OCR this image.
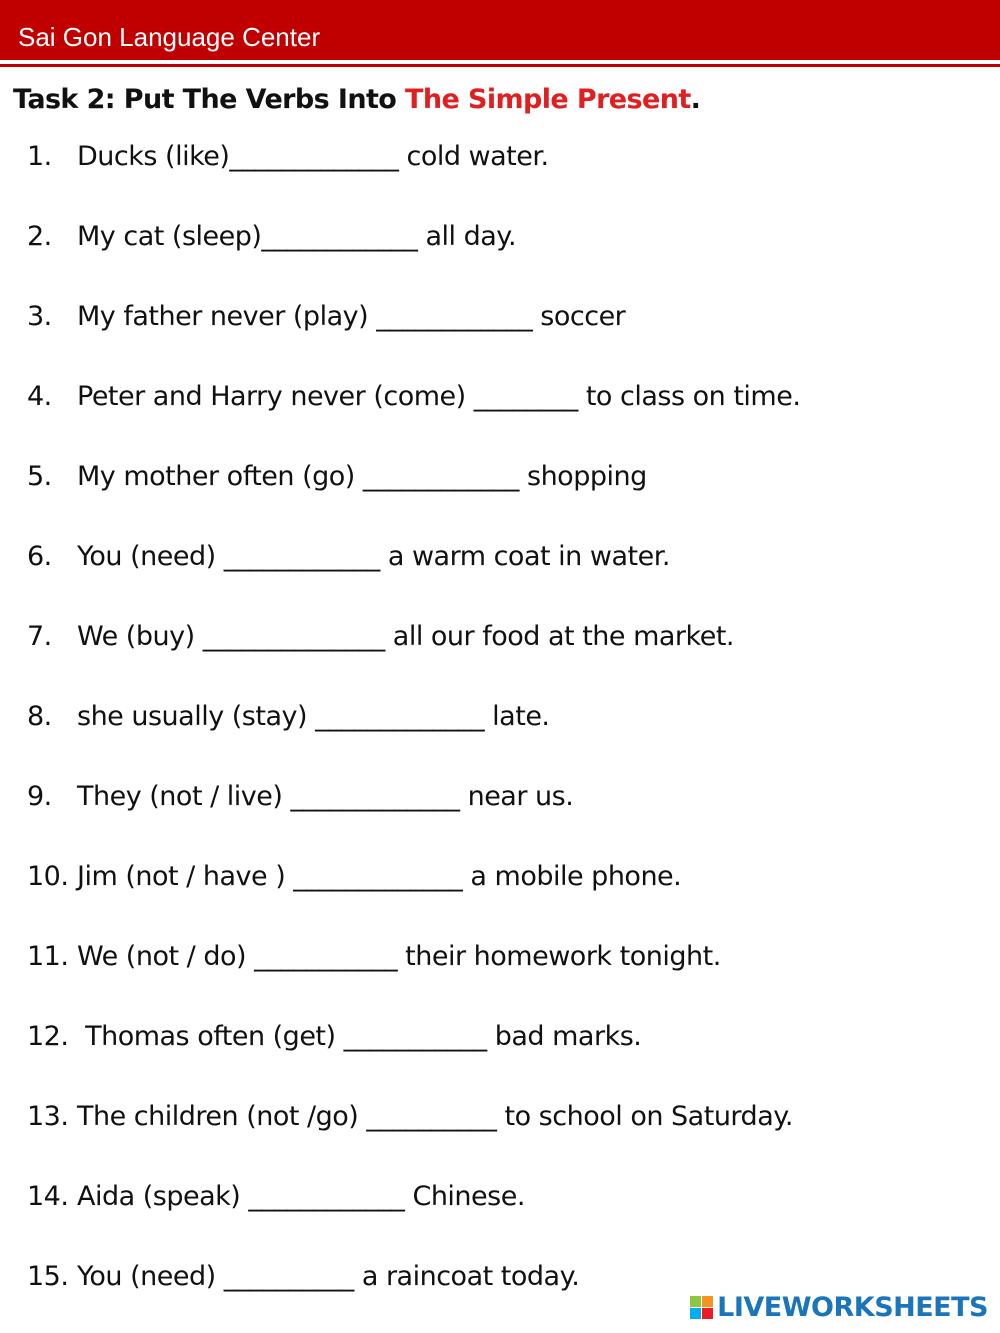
Sai Gon Language Center
Task 2: Put The Verbs Into The Simple Present.
1. Ducks (like)_____________ cold water.
2. My cat (sleep)____________ all day.
3. My father never (play) ____________ soccer
4. Peter and Harry never (come) ________ to class on time.
5. My mother often (go) ____________ shopping
6. You (need) ____________ a warm coat in water.
7. We (buy) ______________ all our food at the market.
8. she usually (stay) _____________ late.
9. They (not / live) _____________ near us.
10. Jim (not / have ) _____________ a mobile phone.
11. We (not / do) ___________ their homework tonight.
12. Thomas often (get) ___________ bad marks.
13. The children (not /go) __________ to school on Saturday.
14. Aida (speak) ____________ Chinese.
15. You (need) __________ a raincoat today.
LIVEWORKSHEETS
